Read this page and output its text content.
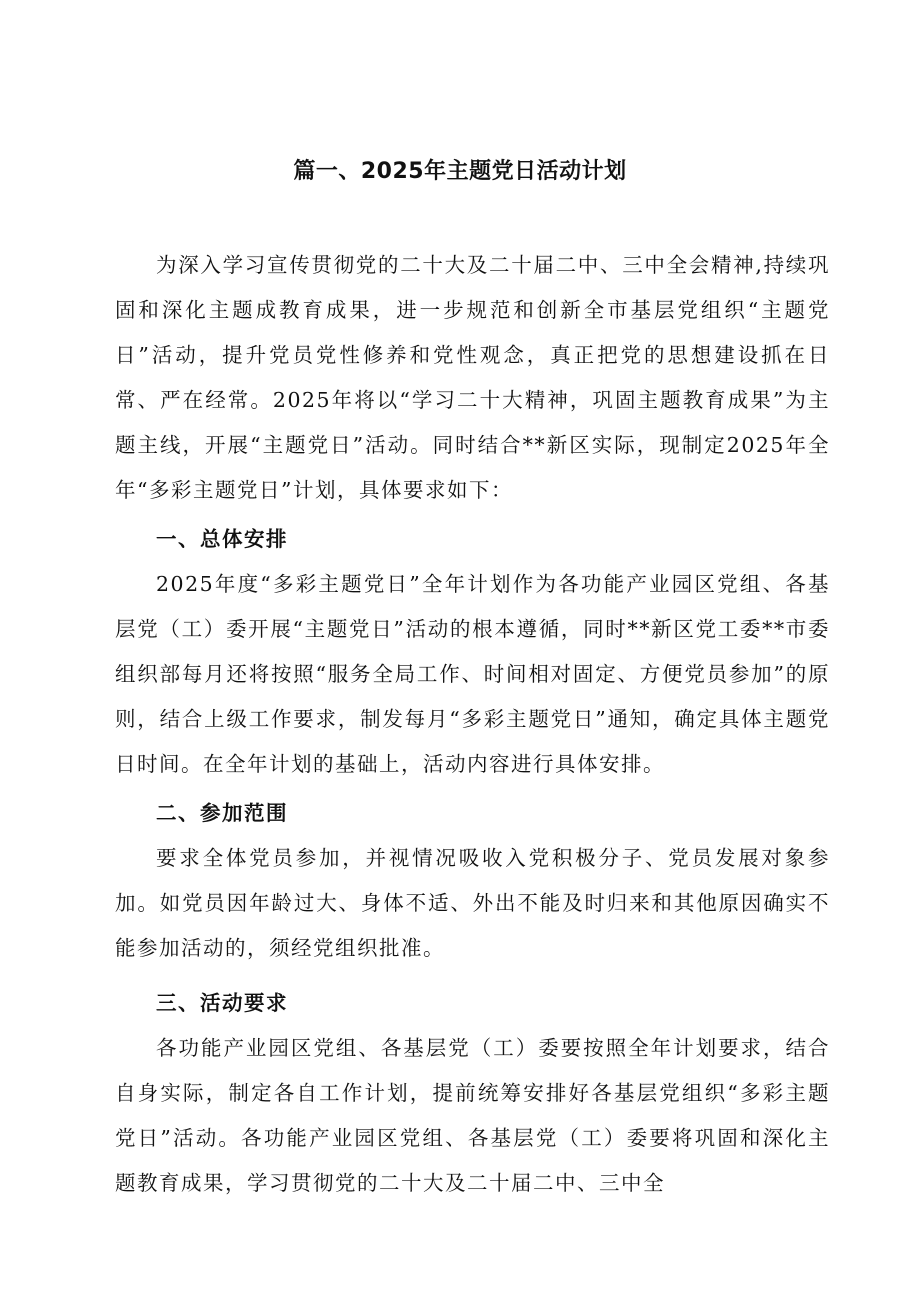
篇一、2025年主题党日活动计划

为深入学习宣传贯彻党的二十大及二十届二中、三中全会精神,持续巩固和深化主题成教育成果，进一步规范和创新全市基层党组织“主题党日”活动，提升党员党性修养和党性观念，真正把党的思想建设抓在日常、严在经常。2025年将以“学习二十大精神，巩固主题教育成果”为主题主线，开展“主题党日”活动。同时结合**新区实际，现制定2025年全年“多彩主题党日”计划，具体要求如下：

一、总体安排

2025年度“多彩主题党日”全年计划作为各功能产业园区党组、各基层党（工）委开展“主题党日”活动的根本遵循，同时**新区党工委**市委组织部每月还将按照“服务全局工作、时间相对固定、方便党员参加”的原则，结合上级工作要求，制发每月“多彩主题党日”通知，确定具体主题党日时间。在全年计划的基础上，活动内容进行具体安排。

二、参加范围

要求全体党员参加，并视情况吸收入党积极分子、党员发展对象参加。如党员因年龄过大、身体不适、外出不能及时归来和其他原因确实不能参加活动的，须经党组织批准。

三、活动要求

各功能产业园区党组、各基层党（工）委要按照全年计划要求，结合自身实际，制定各自工作计划，提前统筹安排好各基层党组织“多彩主题党日”活动。各功能产业园区党组、各基层党（工）委要将巩固和深化主题教育成果，学习贯彻党的二十大及二十届二中、三中全
